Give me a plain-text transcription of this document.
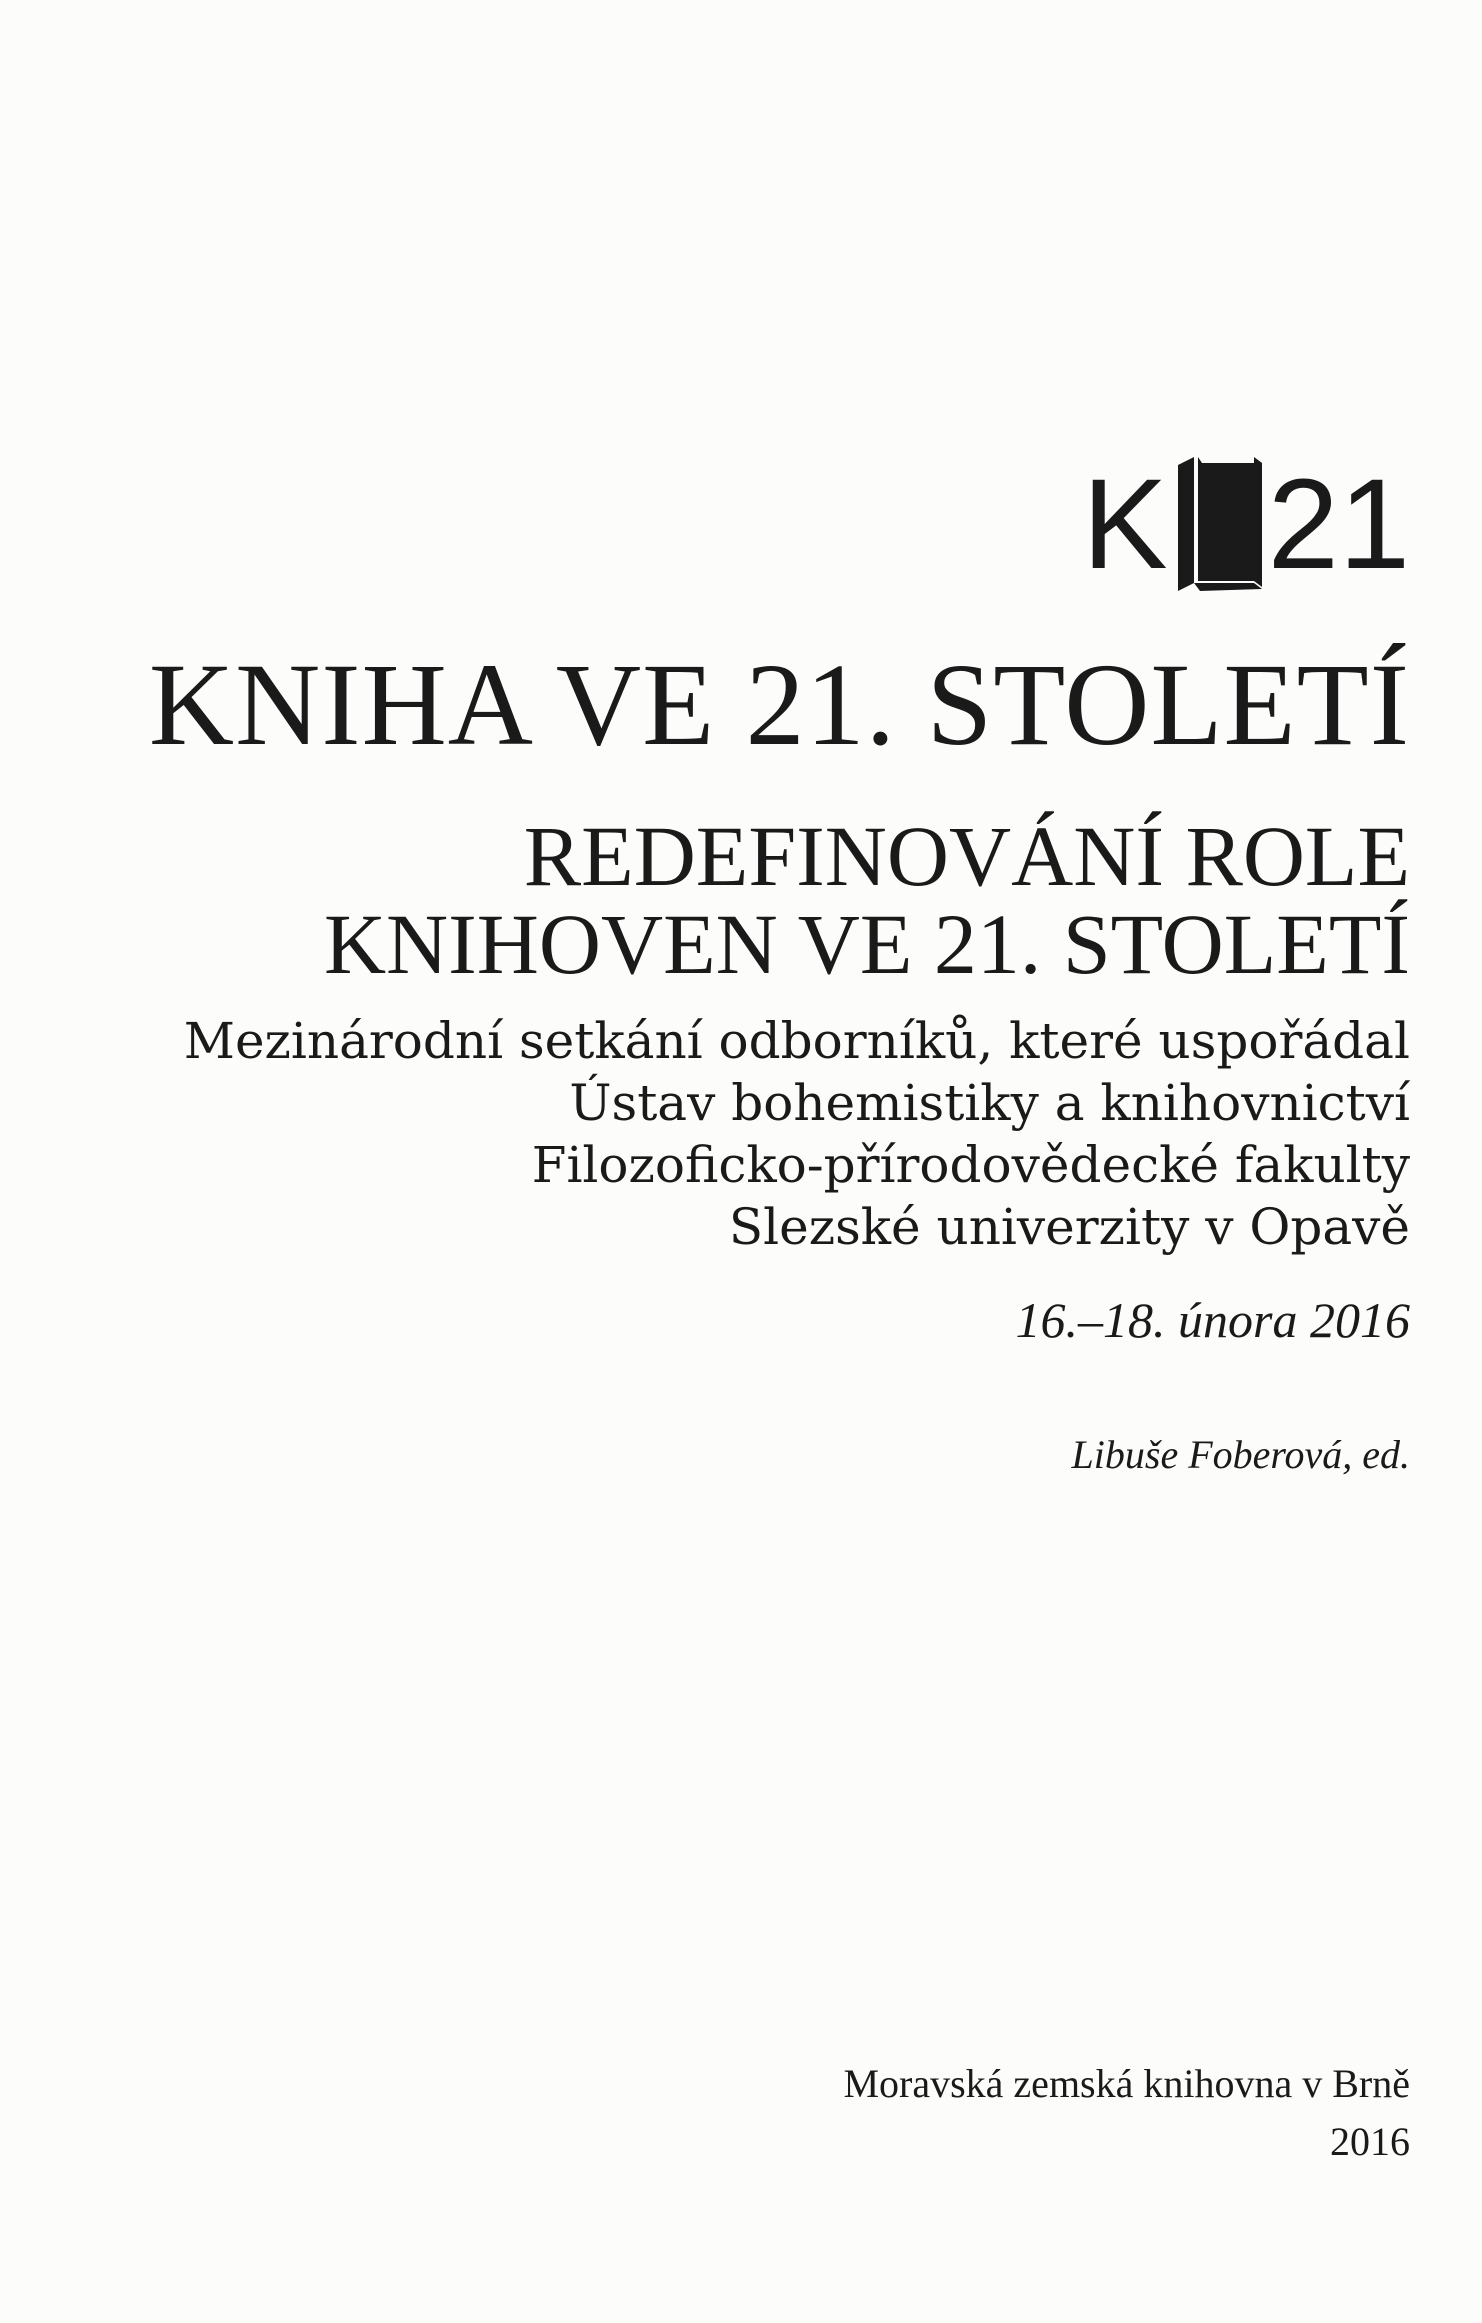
K 21
KNIHA VE 21. STOLETÍ
REDEFINOVÁNÍ ROLE
KNIHOVEN VE 21. STOLETÍ
Mezinárodní setkání odborníků, které uspořádal
Ústav bohemistiky a knihovnictví
Filozoficko-přírodovědecké fakulty
Slezské univerzity v Opavě
16.–18. února 2016
Libuše Foberová, ed.
Moravská zemská knihovna v Brně
2016
